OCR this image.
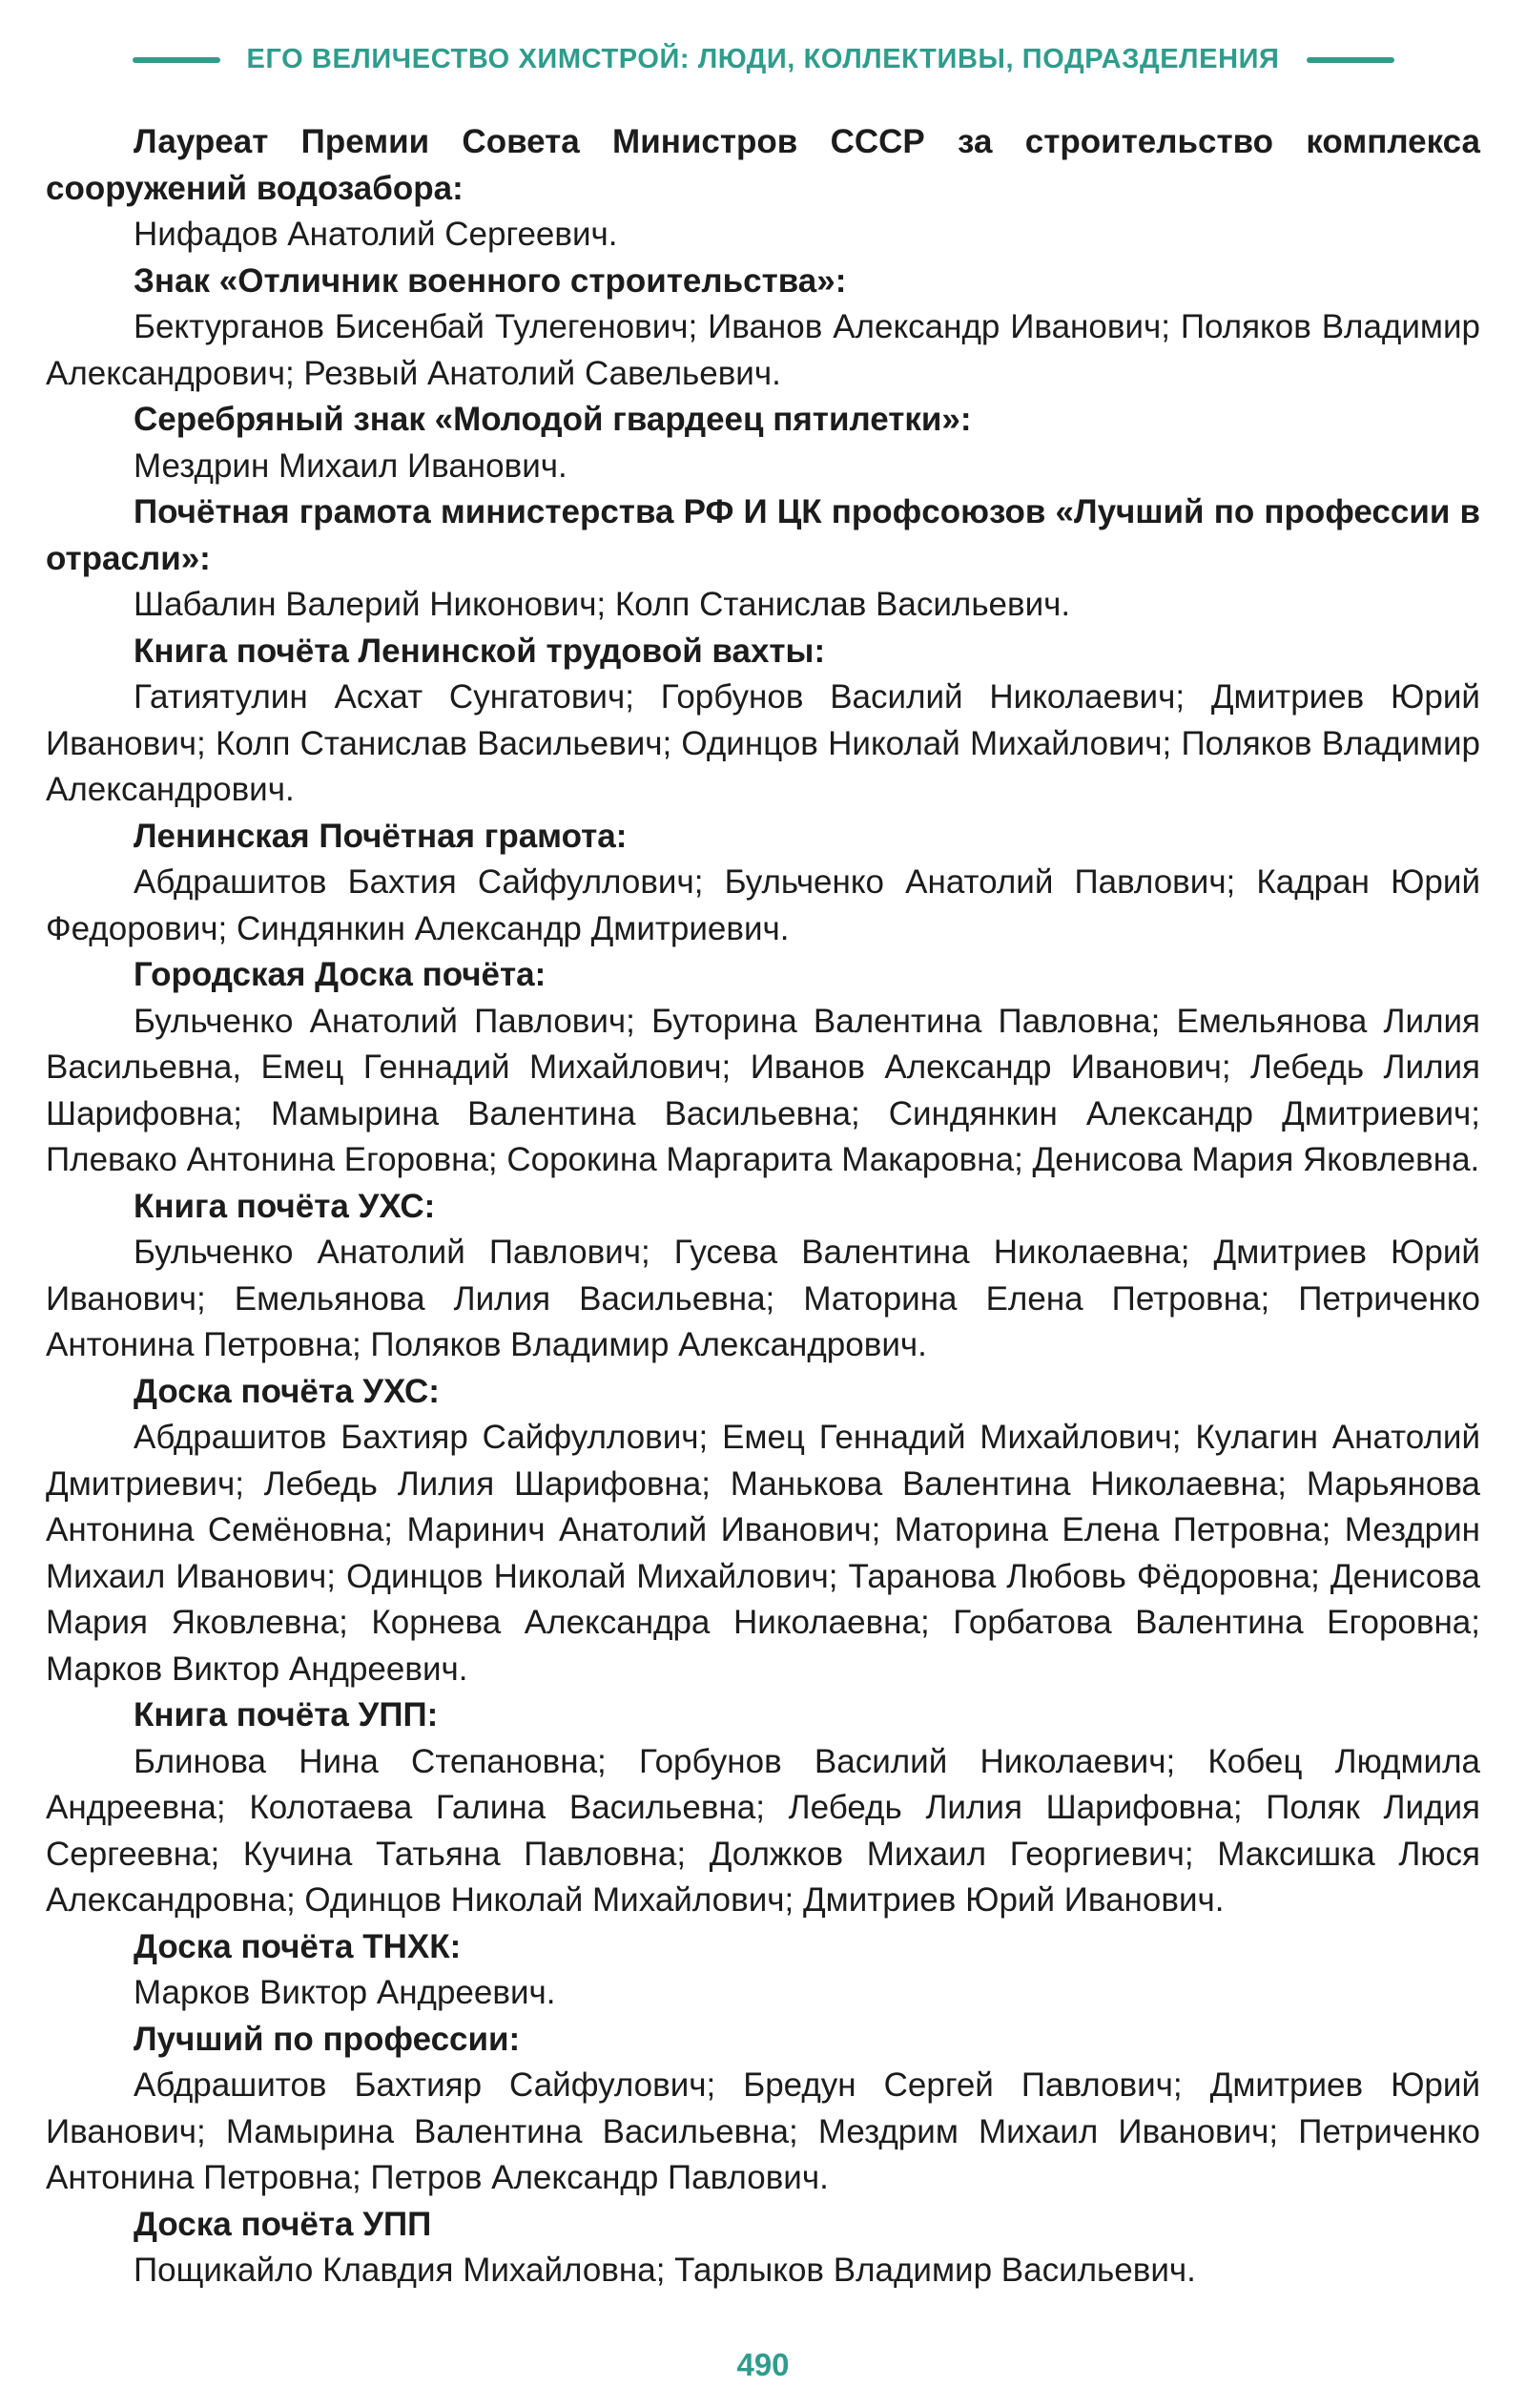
ЕГО ВЕЛИЧЕСТВО ХИМСТРОЙ: ЛЮДИ, КОЛЛЕКТИВЫ, ПОДРАЗДЕЛЕНИЯ

Лауреат Премии Совета Министров СССР за строительство комплекса сооружений водозабора:

Нифадов Анатолий Сергеевич.

Знак «Отличник военного строительства»:

Бектурганов Бисенбай Тулегенович; Иванов Александр Иванович; Поляков Владимир Александрович; Резвый Анатолий Савельевич.

Серебряный знак «Молодой гвардеец пятилетки»:

Мездрин Михаил Иванович.

Почётная грамота министерства РФ И ЦК профсоюзов «Лучший по профессии в отрасли»:

Шабалин Валерий Никонович; Колп Станислав Васильевич.

Книга почёта Ленинской трудовой вахты:

Гатиятулин Асхат Сунгатович; Горбунов Василий Николаевич; Дмитриев Юрий Иванович; Колп Станислав Васильевич; Одинцов Николай Михайлович; Поляков Владимир Александрович.

Ленинская Почётная грамота:

Абдрашитов Бахтия Сайфуллович; Бульченко Анатолий Павлович; Кадран Юрий Федорович; Синдянкин Александр Дмитриевич.

Городская Доска почёта:

Бульченко Анатолий Павлович; Буторина Валентина Павловна; Емельянова Лилия Васильевна, Емец Геннадий Михайлович; Иванов Александр Иванович; Лебедь Лилия Шарифовна; Мамырина Валентина Васильевна; Синдянкин Александр Дмитриевич; Плевако Антонина Егоровна; Сорокина Маргарита Макаровна; Денисова Мария Яковлевна.

Книга почёта УХС:

Бульченко Анатолий Павлович; Гусева Валентина Николаевна; Дмитриев Юрий Иванович; Емельянова Лилия Васильевна; Маторина Елена Петровна; Петриченко Антонина Петровна; Поляков Владимир Александрович.

Доска почёта УХС:

Абдрашитов Бахтияр Сайфуллович; Емец Геннадий Михайлович; Кулагин Анатолий Дмитриевич; Лебедь Лилия Шарифовна; Манькова Валентина Николаевна; Марьянова Антонина Семёновна; Маринич Анатолий Иванович; Маторина Елена Петровна; Мездрин Михаил Иванович; Одинцов Николай Михайлович; Таранова Любовь Фёдоровна; Денисова Мария Яковлевна; Корнева Александра Николаевна; Горбатова Валентина Егоровна; Марков Виктор Андреевич.

Книга почёта УПП:

Блинова Нина Степановна; Горбунов Василий Николаевич; Кобец Людмила Андреевна; Колотаева Галина Васильевна; Лебедь Лилия Шарифовна; Поляк Лидия Сергеевна; Кучина Татьяна Павловна; Должков Михаил Георгиевич; Максишка Люся Александровна; Одинцов Николай Михайлович; Дмитриев Юрий Иванович.

Доска почёта ТНХК:

Марков Виктор Андреевич.

Лучший по профессии:

Абдрашитов Бахтияр Сайфулович; Бредун Сергей Павлович; Дмитриев Юрий Иванович; Мамырина Валентина Васильевна; Мездрим Михаил Иванович; Петриченко Антонина Петровна; Петров Александр Павлович.

Доска почёта УПП

Пощикайло Клавдия Михайловна; Тарлыков Владимир Васильевич.

490
